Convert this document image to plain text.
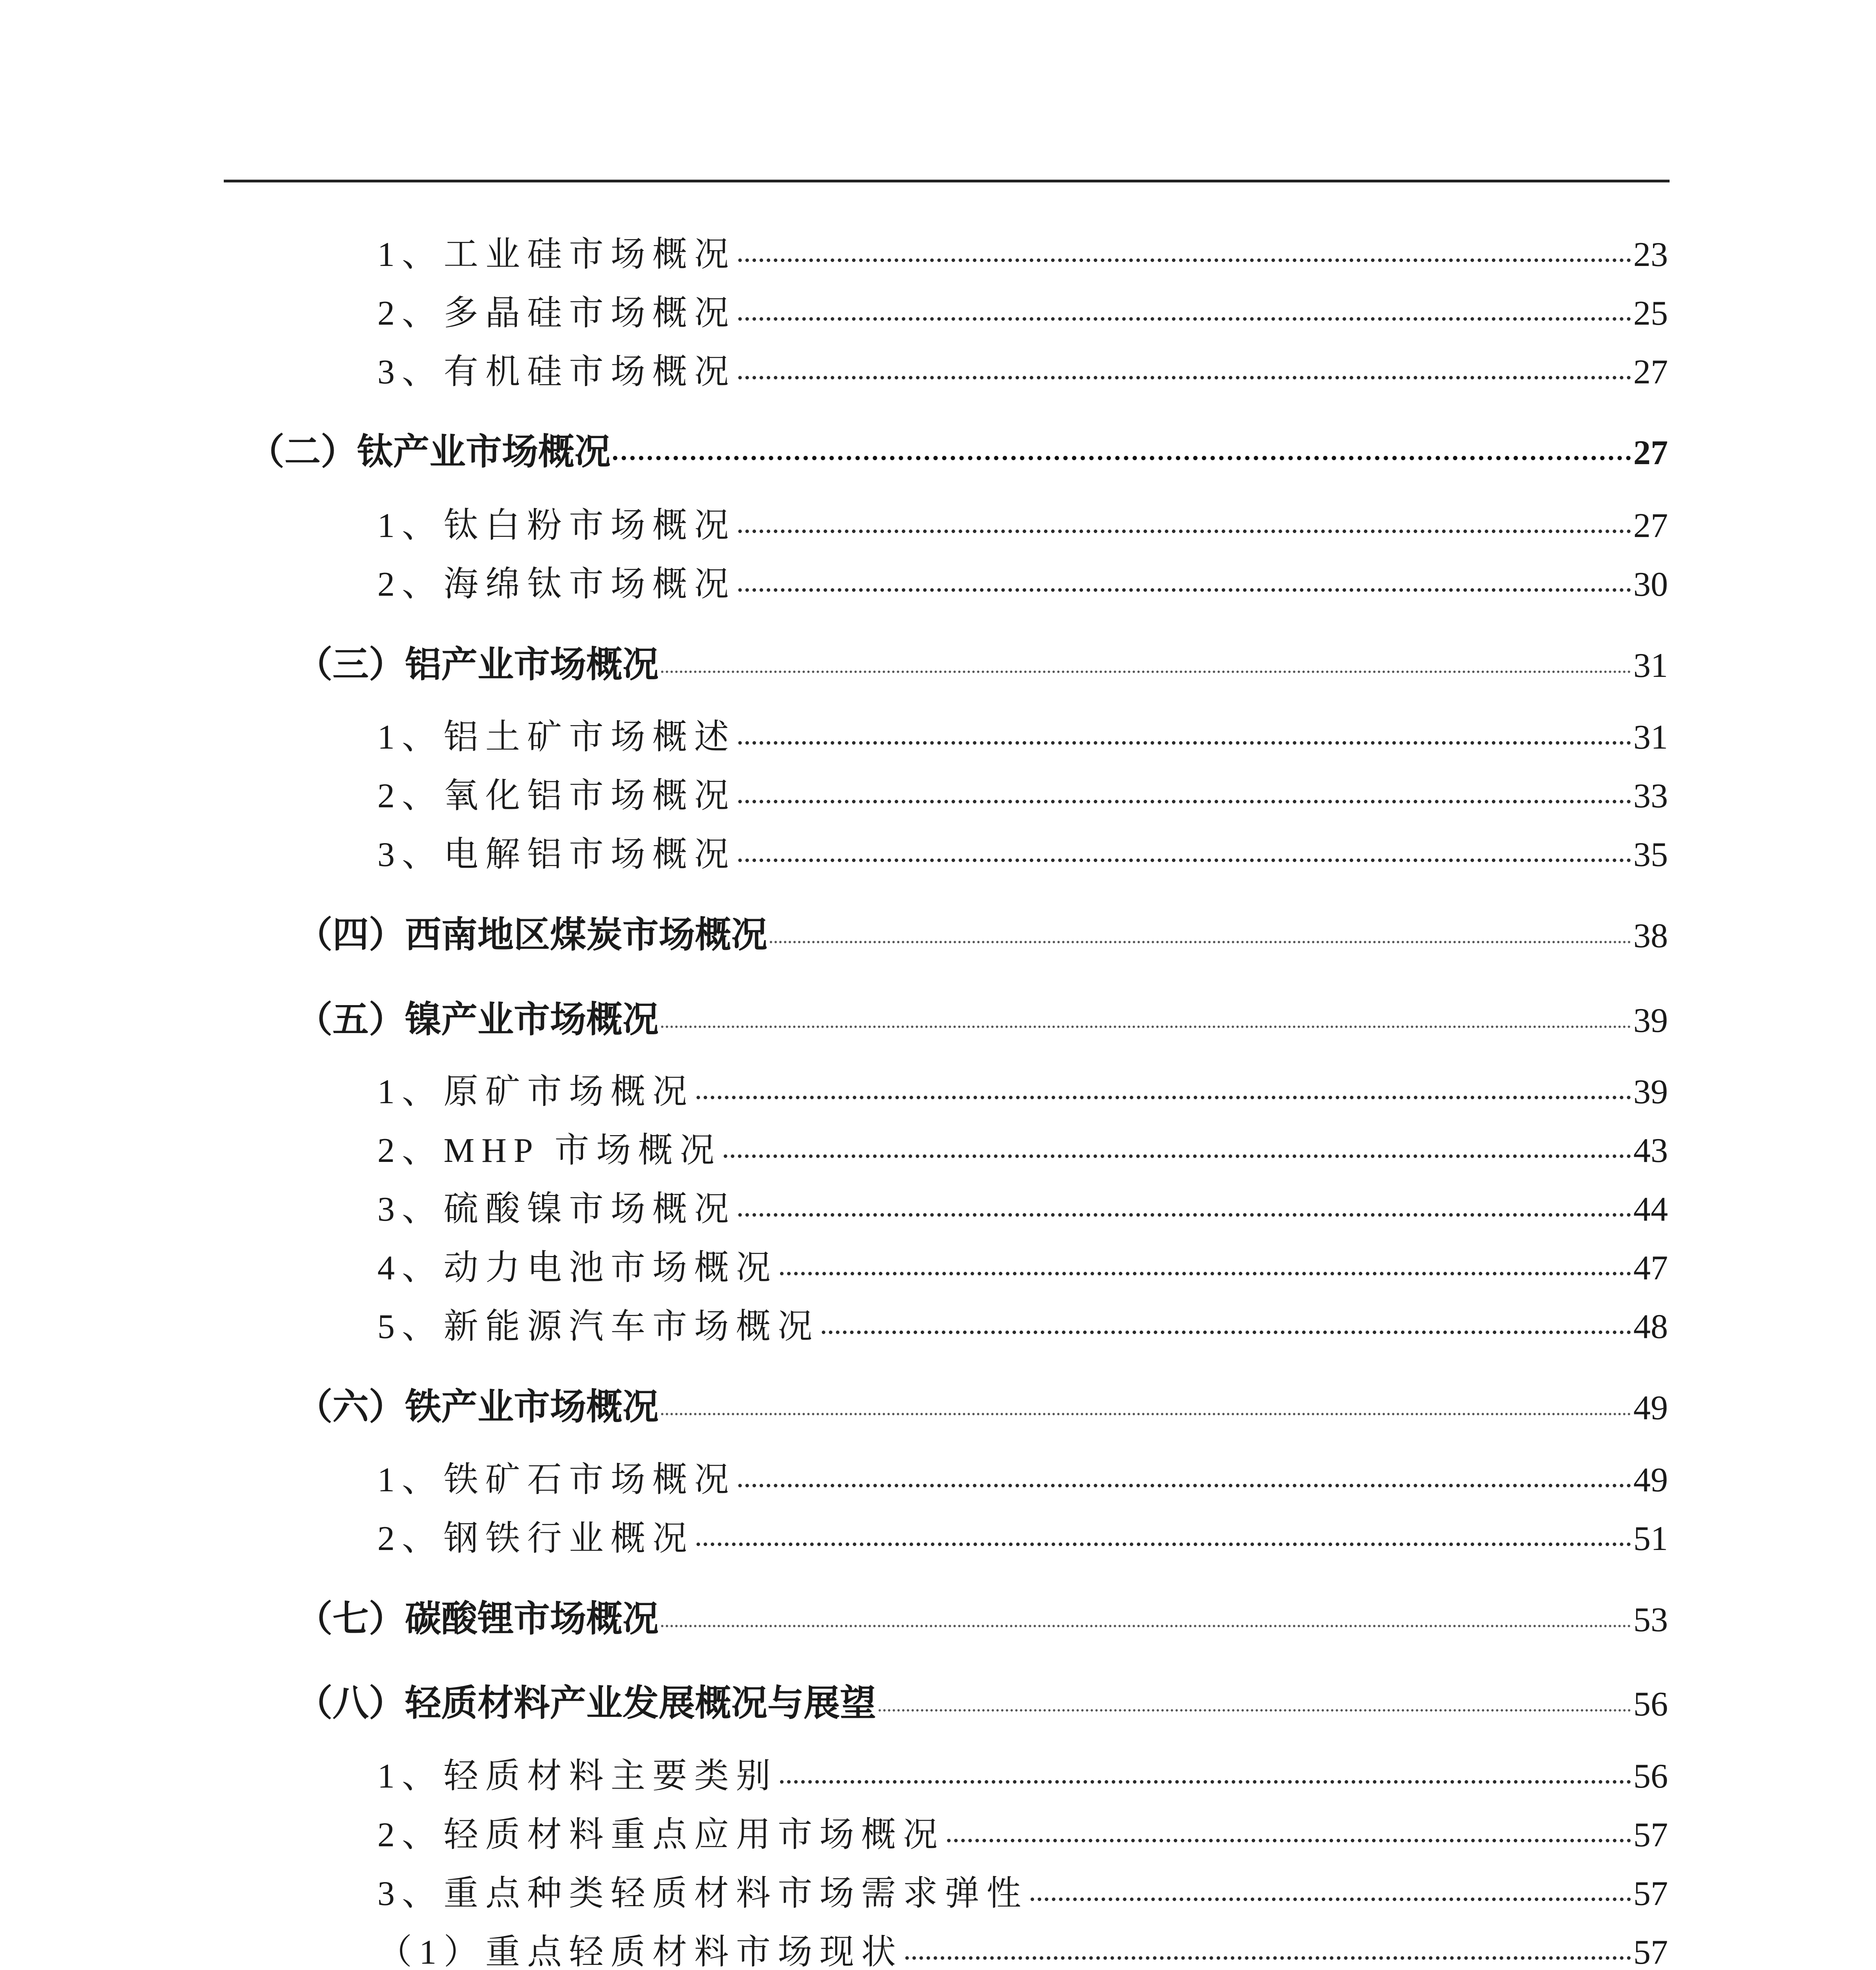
1、工业硅市场概况	23
2、多晶硅市场概况	25
3、有机硅市场概况	27
（二）钛产业市场概况	27
1、钛白粉市场概况	27
2、海绵钛市场概况	30
（三）铝产业市场概况	31
1、铝土矿市场概述	31
2、氧化铝市场概况	33
3、电解铝市场概况	35
（四）西南地区煤炭市场概况	38
（五）镍产业市场概况	39
1、原矿市场概况	39
2、MHP 市场概况	43
3、硫酸镍市场概况	44
4、动力电池市场概况	47
5、新能源汽车市场概况	48
（六）铁产业市场概况	49
1、铁矿石市场概况	49
2、钢铁行业概况	51
（七）碳酸锂市场概况	53
（八）轻质材料产业发展概况与展望	56
1、轻质材料主要类别	56
2、轻质材料重点应用市场概况	57
3、重点种类轻质材料市场需求弹性	57
（1）重点轻质材料市场现状	57
